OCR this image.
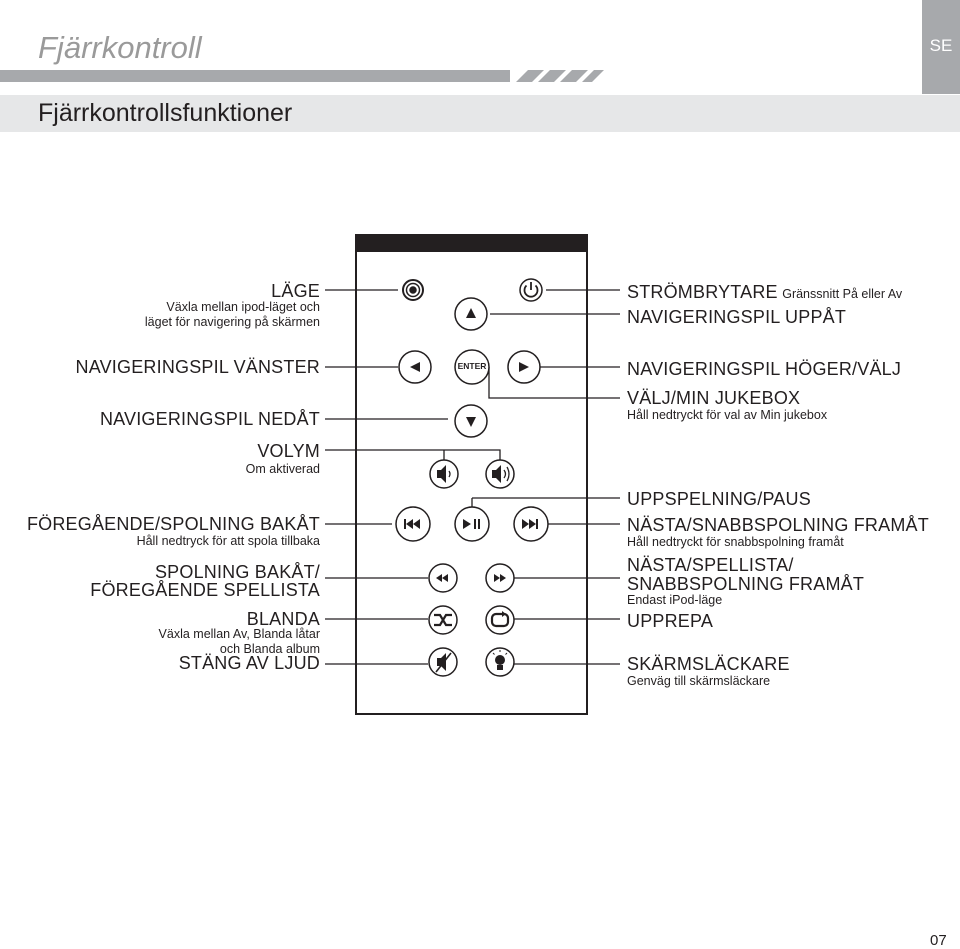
Fjärrkontroll	SE
Fjärrkontrollsfunktioner
LÄGE
Växla mellan ipod-läget och
läget för navigering på skärmen
NAVIGERINGSPIL VÄNSTER
NAVIGERINGSPIL NEDÅT
VOLYM
Om aktiverad
FÖREGÅENDE/SPOLNING BAKÅT
Håll nedtryck för att spola tillbaka
SPOLNING BAKÅT/
FÖREGÅENDE SPELLISTA
BLANDA
Växla mellan Av, Blanda låtar
och Blanda album
STÄNG AV LJUD
STRÖMBRYTARE Gränssnitt På eller Av
NAVIGERINGSPIL UPPÅT
NAVIGERINGSPIL HÖGER/VÄLJ
VÄLJ/MIN JUKEBOX
Håll nedtryckt för val av Min jukebox
UPPSPELNING/PAUS
NÄSTA/SNABBSPOLNING FRAMÅT
Håll nedtryckt för snabbspolning framåt
NÄSTA/SPELLISTA/
SNABBSPOLNING FRAMÅT
Endast iPod-läge
UPPREPA
SKÄRMSLÄCKARE
Genväg till skärmsläckare
ENTER
07
